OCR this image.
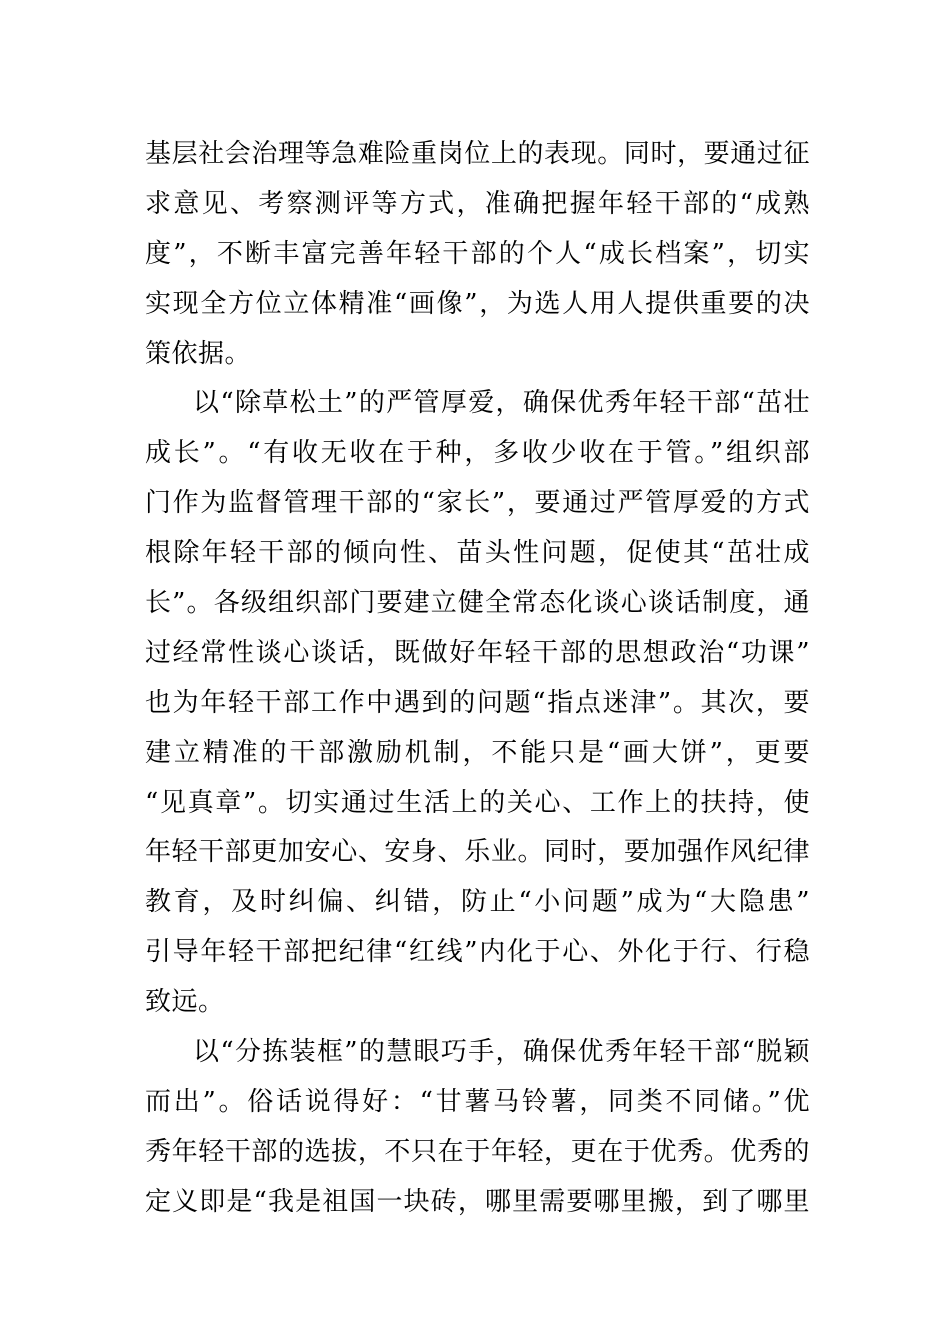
基层社会治理等急难险重岗位上的表现。同时，要通过征
求意见、考察测评等方式，准确把握年轻干部的“成熟
度”，不断丰富完善年轻干部的个人“成长档案”，切实
实现全方位立体精准“画像”，为选人用人提供重要的决
策依据。
以“除草松土”的严管厚爱，确保优秀年轻干部“茁壮
成长”。“有收无收在于种，多收少收在于管。”组织部
门作为监督管理干部的“家长”，要通过严管厚爱的方式
根除年轻干部的倾向性、苗头性问题，促使其“茁壮成
长”。各级组织部门要建立健全常态化谈心谈话制度，通
过经常性谈心谈话，既做好年轻干部的思想政治“功课”
也为年轻干部工作中遇到的问题“指点迷津”。其次，要
建立精准的干部激励机制，不能只是“画大饼”，更要
“见真章”。切实通过生活上的关心、工作上的扶持，使
年轻干部更加安心、安身、乐业。同时，要加强作风纪律
教育，及时纠偏、纠错，防止“小问题”成为“大隐患”
引导年轻干部把纪律“红线”内化于心、外化于行、行稳
致远。
以“分拣装框”的慧眼巧手，确保优秀年轻干部“脱颖
而出”。俗话说得好：“甘薯马铃薯，同类不同储。”优
秀年轻干部的选拔，不只在于年轻，更在于优秀。优秀的
定义即是“我是祖国一块砖，哪里需要哪里搬，到了哪里
